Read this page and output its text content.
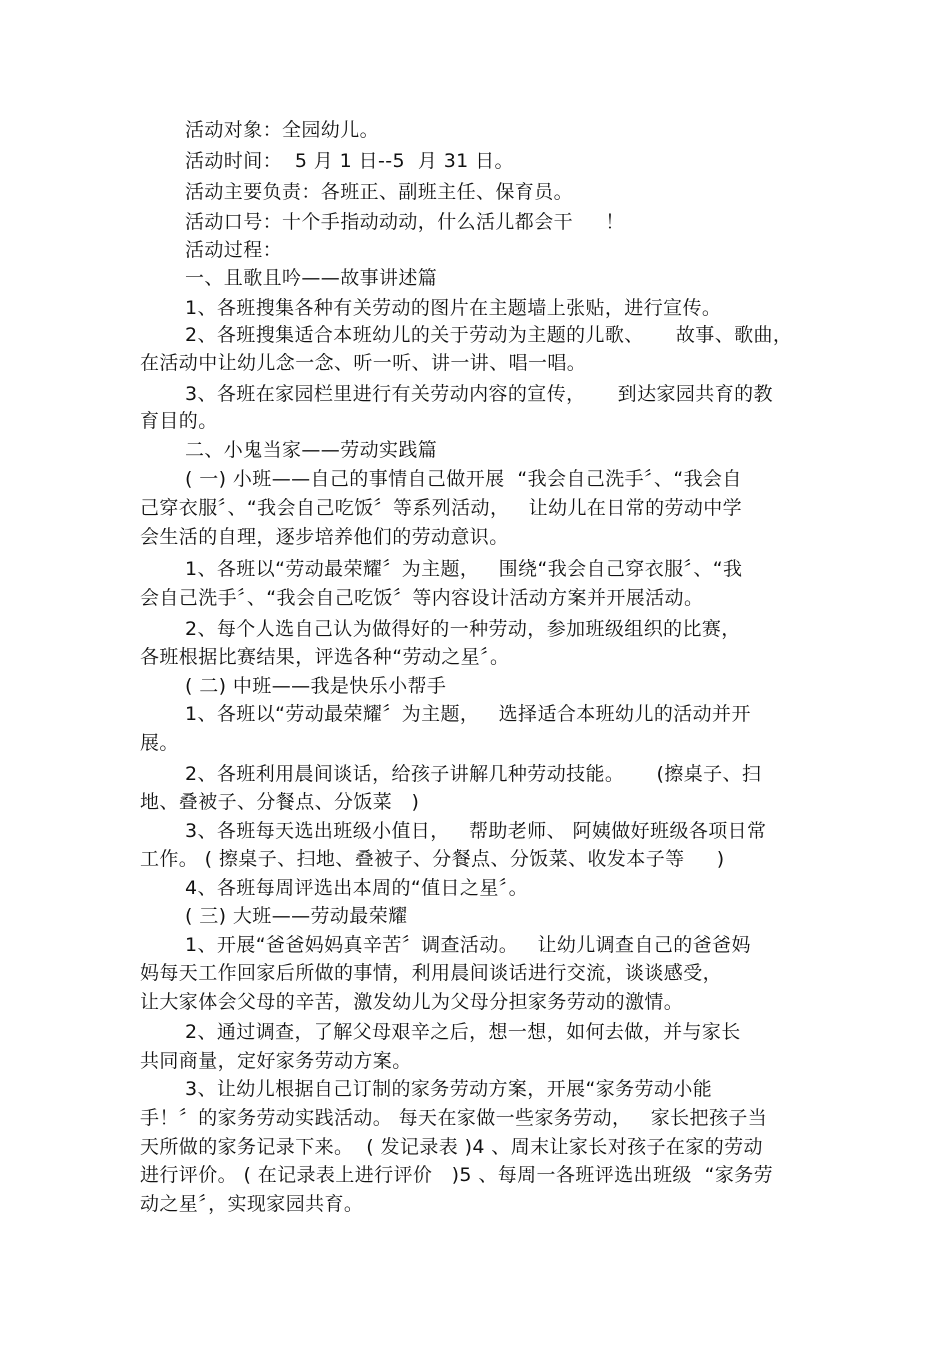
活动对象：全园幼儿。
活动时间：  5 月 1 日--5  月 31 日。
活动主要负责：各班正、副班主任、保育员。
活动口号：十个手指动动动，什么活儿都会干     ！
活动过程：
一、且歌且吟——故事讲述篇
1、各班搜集各种有关劳动的图片在主题墙上张贴，进行宣传。
2、各班搜集适合本班幼儿的关于劳动为主题的儿歌、     故事、歌曲，
在活动中让幼儿念一念、听一听、讲一讲、唱一唱。
3、各班在家园栏里进行有关劳动内容的宣传，     到达家园共育的教
育目的。
二、小鬼当家——劳动实践篇
( 一) 小班——自己的事情自己做开展  “我会自己洗手〞、“我会自
己穿衣服〞、“我会自己吃饭〞等系列活动，   让幼儿在日常的劳动中学
会生活的自理，逐步培养他们的劳动意识。
1、各班以“劳动最荣耀〞为主题，   围绕“我会自己穿衣服〞、“我
会自己洗手〞、“我会自己吃饭〞等内容设计活动方案并开展活动。
2、每个人选自己认为做得好的一种劳动，参加班级组织的比赛，
各班根据比赛结果，评选各种“劳动之星〞。
( 二) 中班——我是快乐小帮手
1、各班以“劳动最荣耀〞为主题，   选择适合本班幼儿的活动并开
展。
2、各班利用晨间谈话，给孩子讲解几种劳动技能。     (擦桌子、扫
地、叠被子、分餐点、分饭菜   )
3、各班每天选出班级小值日，   帮助老师、 阿姨做好班级各项日常
工作。 ( 擦桌子、扫地、叠被子、分餐点、分饭菜、收发本子等     )
4、各班每周评选出本周的“值日之星〞。
( 三) 大班——劳动最荣耀
1、开展“爸爸妈妈真辛苦〞调查活动。   让幼儿调查自己的爸爸妈
妈每天工作回家后所做的事情，利用晨间谈话进行交流，谈谈感受，
让大家体会父母的辛苦，激发幼儿为父母分担家务劳动的激情。
2、通过调查，了解父母艰辛之后，想一想，如何去做，并与家长
共同商量，定好家务劳动方案。
3、让幼儿根据自己订制的家务劳动方案，开展“家务劳动小能
手！〞的家务劳动实践活动。 每天在家做一些家务劳动，   家长把孩子当
天所做的家务记录下来。  ( 发记录表 )4 、周末让家长对孩子在家的劳动
进行评价。 ( 在记录表上进行评价   )5 、每周一各班评选出班级  “家务劳
动之星〞，实现家园共育。
